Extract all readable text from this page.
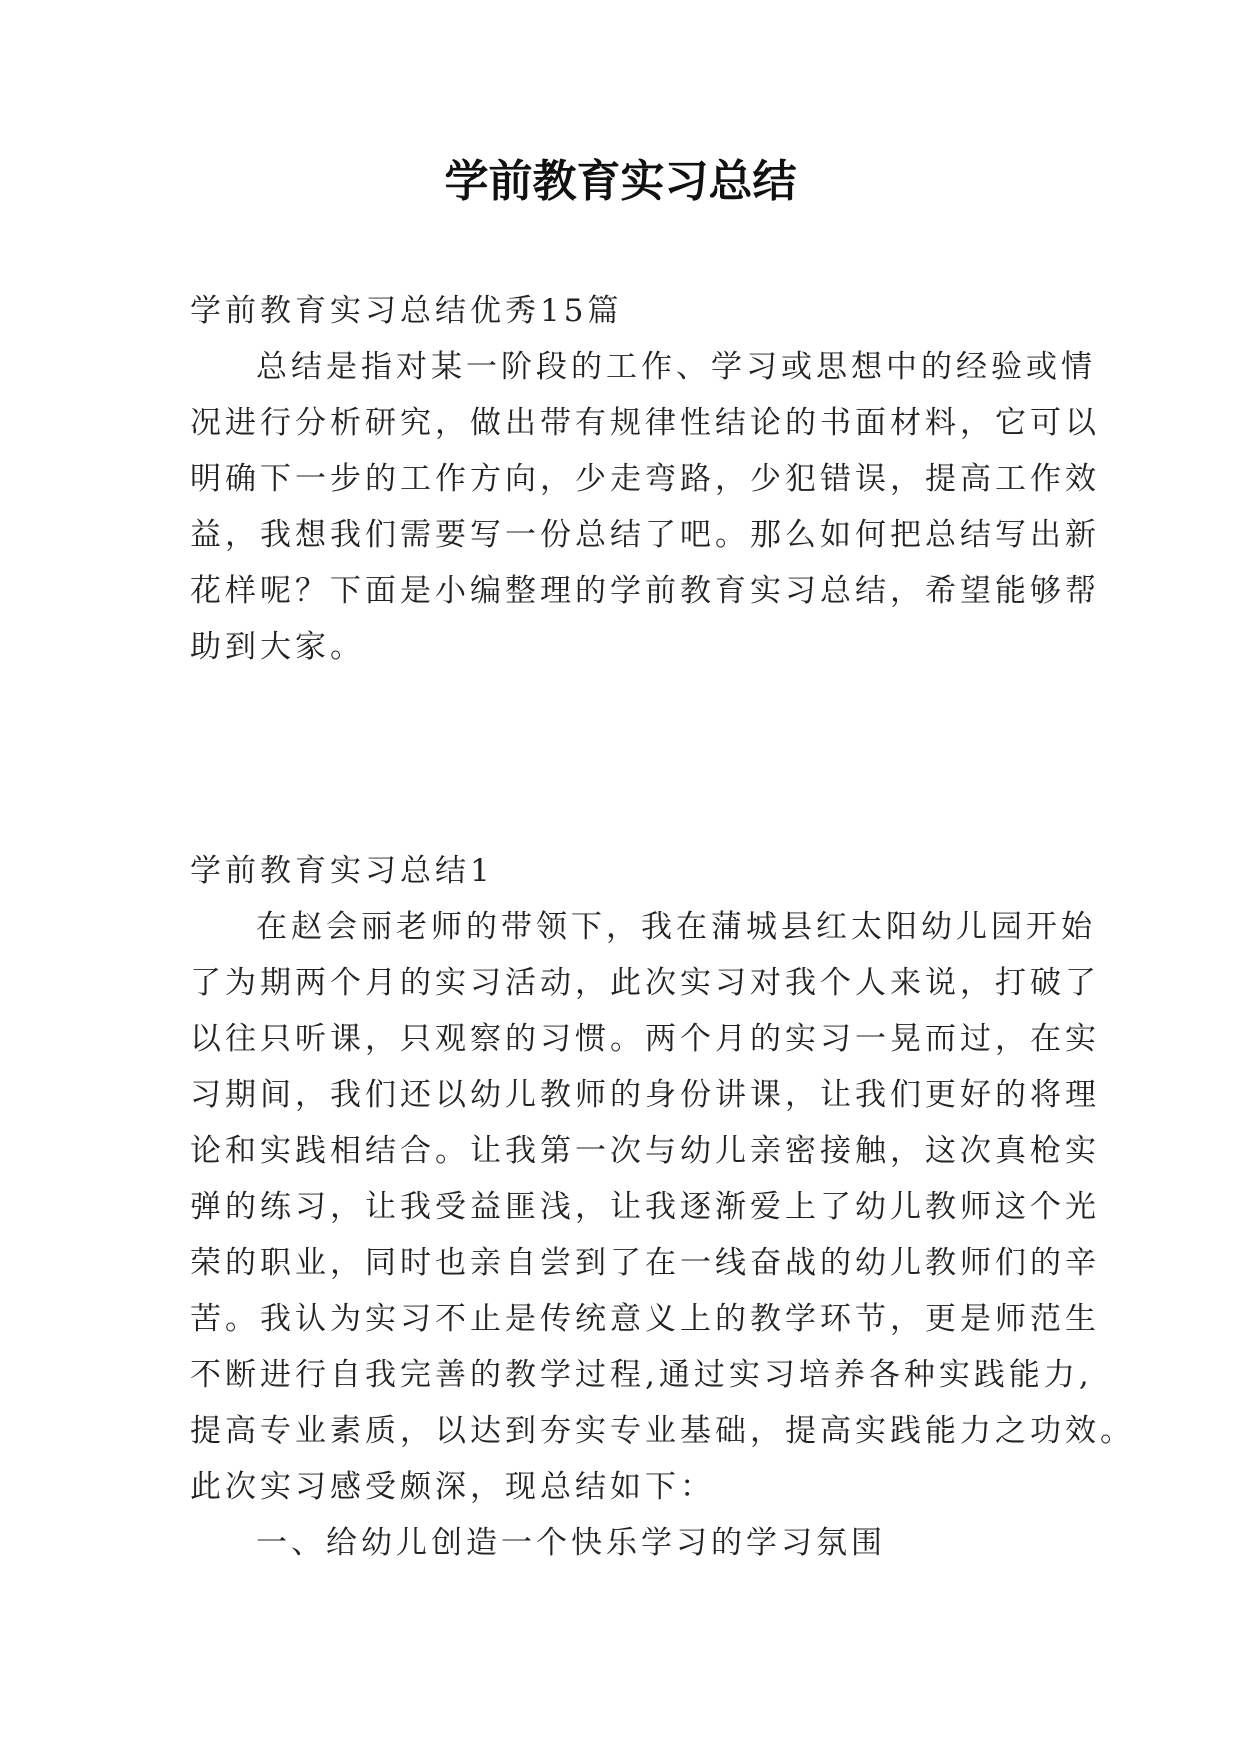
学前教育实习总结

学前教育实习总结优秀15篇

总结是指对某一阶段的工作、学习或思想中的经验或情

况进行分析研究，做出带有规律性结论的书面材料，它可以

明确下一步的工作方向，少走弯路，少犯错误，提高工作效

益，我想我们需要写一份总结了吧。那么如何把总结写出新

花样呢？下面是小编整理的学前教育实习总结，希望能够帮

助到大家。

学前教育实习总结1

在赵会丽老师的带领下，我在蒲城县红太阳幼儿园开始

了为期两个月的实习活动，此次实习对我个人来说，打破了

以往只听课，只观察的习惯。两个月的实习一晃而过，在实

习期间，我们还以幼儿教师的身份讲课，让我们更好的将理

论和实践相结合。让我第一次与幼儿亲密接触，这次真枪实

弹的练习，让我受益匪浅，让我逐渐爱上了幼儿教师这个光

荣的职业，同时也亲自尝到了在一线奋战的幼儿教师们的辛

苦。我认为实习不止是传统意义上的教学环节，更是师范生

不断进行自我完善的教学过程,通过实习培养各种实践能力,

提高专业素质，以达到夯实专业基础，提高实践能力之功效。

此次实习感受颇深，现总结如下：

一、给幼儿创造一个快乐学习的学习氛围
